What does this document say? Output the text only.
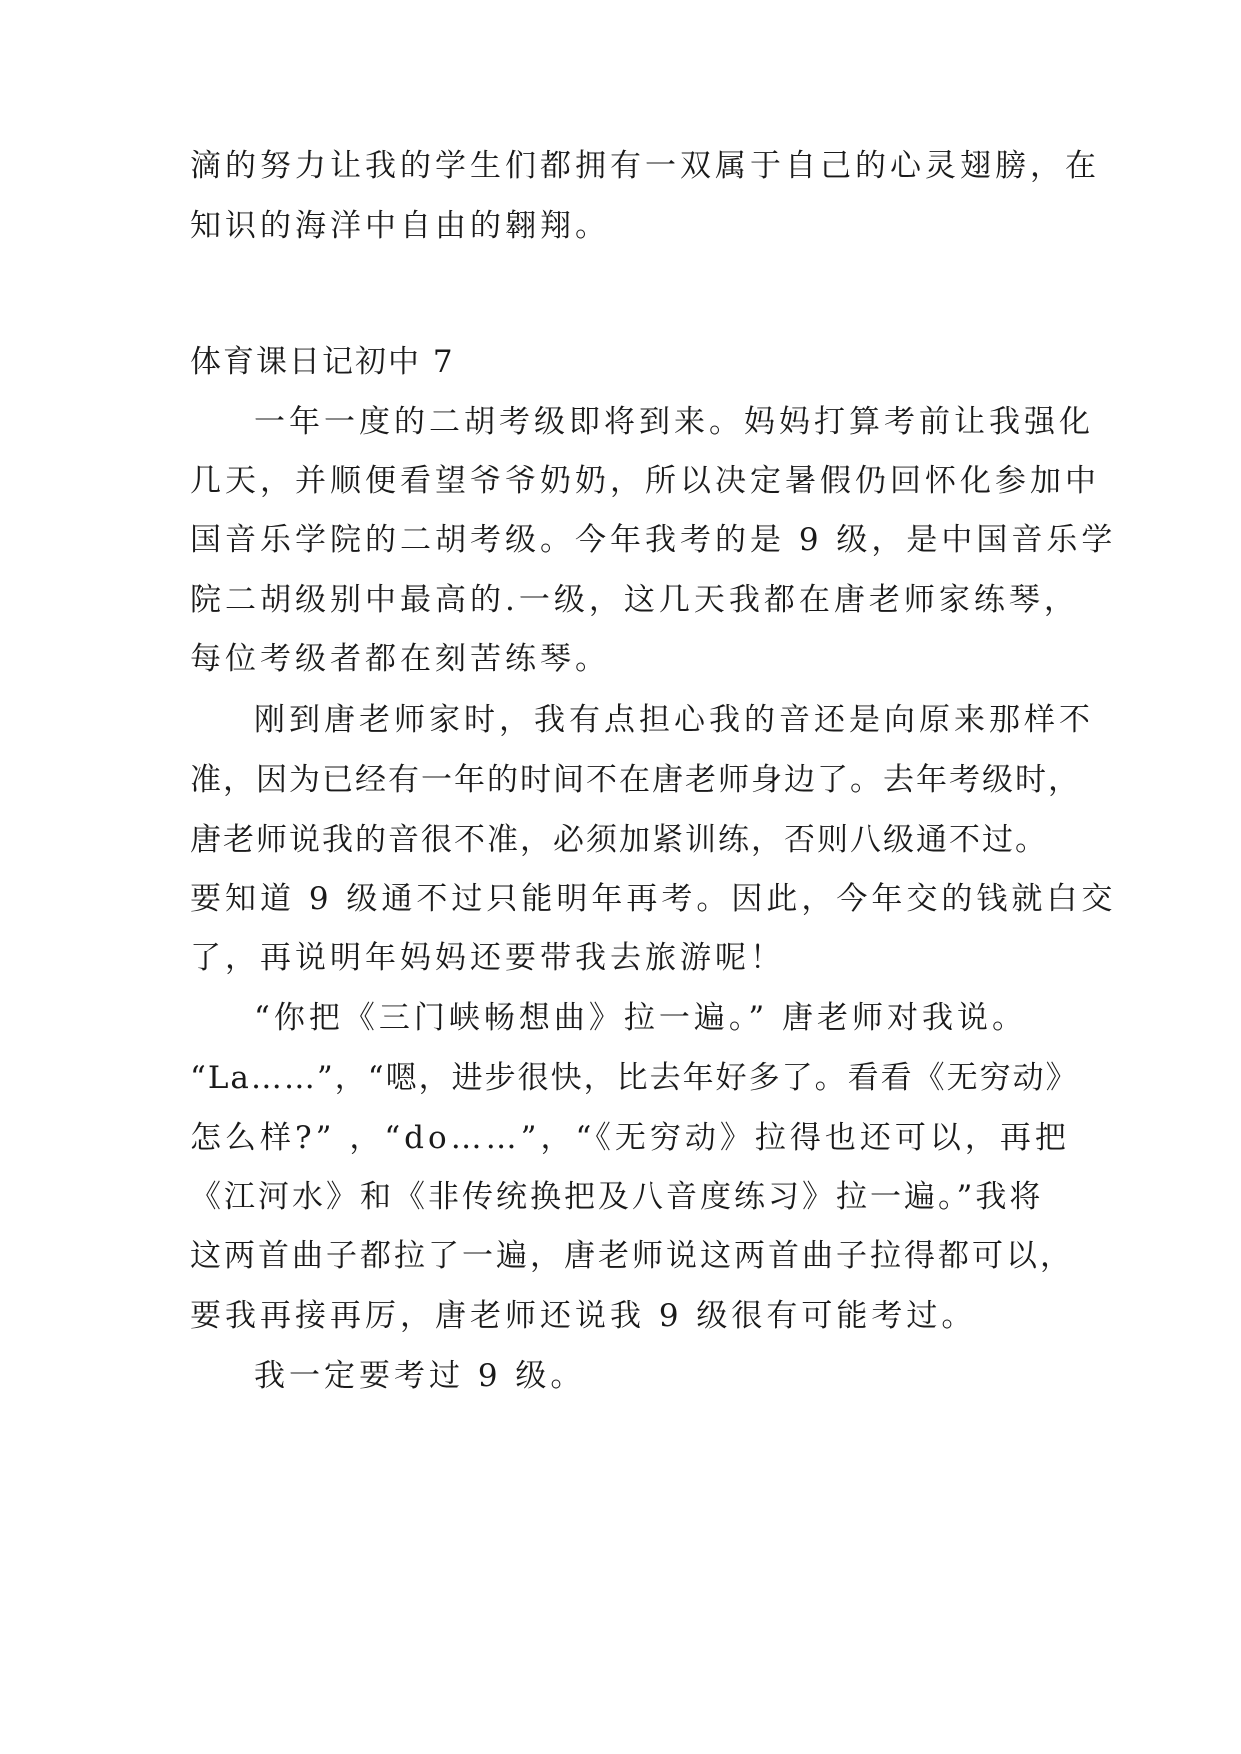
滴的努力让我的学生们都拥有一双属于自己的心灵翅膀，在
知识的海洋中自由的翱翔。
体育课日记初中 7
一年一度的二胡考级即将到来。妈妈打算考前让我强化
几天，并顺便看望爷爷奶奶，所以决定暑假仍回怀化参加中
国音乐学院的二胡考级。今年我考的是 9 级，是中国音乐学
院二胡级别中最高的.一级，这几天我都在唐老师家练琴，
每位考级者都在刻苦练琴。
刚到唐老师家时，我有点担心我的音还是向原来那样不
准，因为已经有一年的时间不在唐老师身边了。去年考级时，
唐老师说我的音很不准，必须加紧训练，否则八级通不过。
要知道 9 级通不过只能明年再考。因此，今年交的钱就白交
了，再说明年妈妈还要带我去旅游呢！
“你把《三门峡畅想曲》拉一遍。” 唐老师对我说。
“La……”，“嗯，进步很快，比去年好多了。看看《无穷动》
怎么样?” ，“do……”，“《无穷动》拉得也还可以，再把
《江河水》和《非传统换把及八音度练习》拉一遍。”我将
这两首曲子都拉了一遍，唐老师说这两首曲子拉得都可以，
要我再接再厉，唐老师还说我 9 级很有可能考过。
我一定要考过 9 级。
